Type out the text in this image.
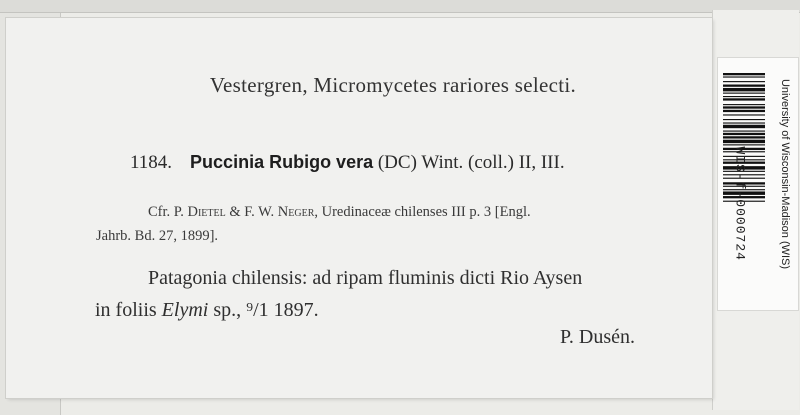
Vestergren, Micromycetes rariores selecti.
1184. Puccinia Rubigo vera (DC) Wint. (coll.) II, III.
Cfr. P. Dietel & F. W. Neger, Uredinaceæ chilenses III p. 3 [Engl.
Jahrb. Bd. 27, 1899].
Patagonia chilensis: ad ripam fluminis dicti Rio Aysen
in foliis Elymi sp., ⁹/1 1897.
P. Dusén.
WIS-f-0000724	University of Wisconsin-Madison (WIS)
